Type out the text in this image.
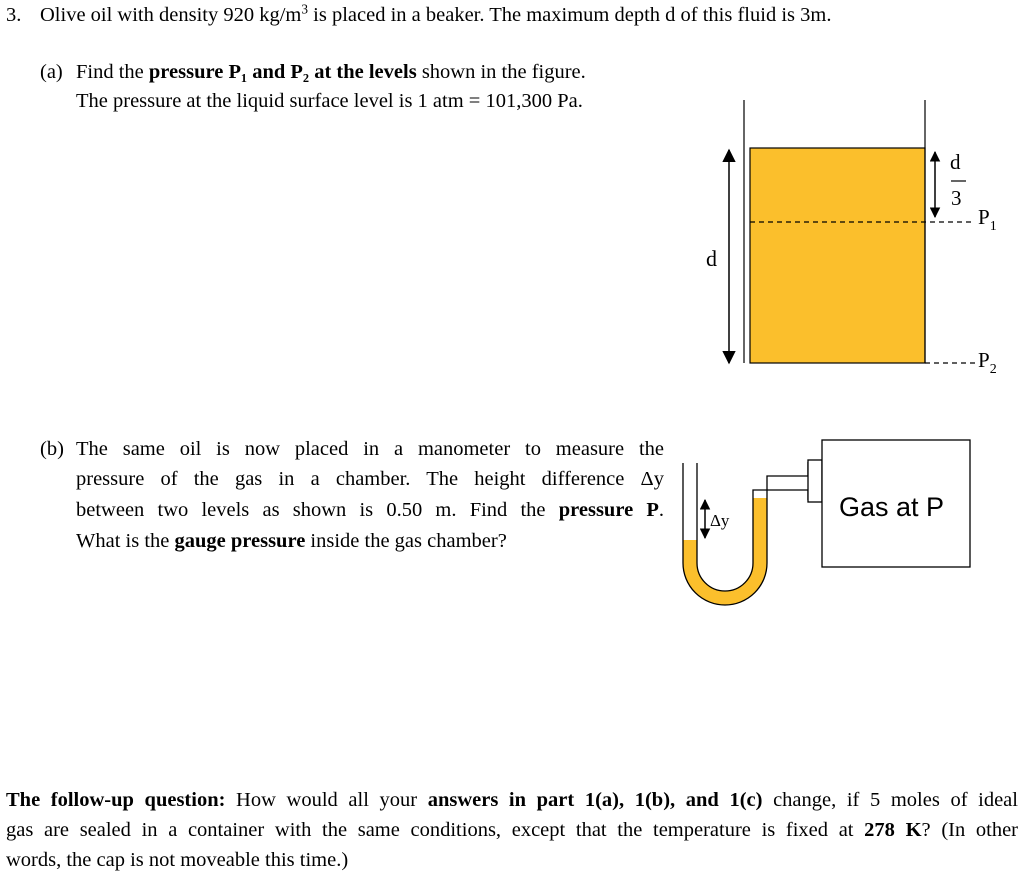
3. Olive oil with density 920 $kg/m^3$ is placed in a beaker. The maximum depth d of this fluid is 3m.
(a) Find the pressure P₁ and P₂ at the levels shown in the figure.
The pressure at the liquid surface level is 1 atm = 101,300 Pa.
d
d
3
$P_1$
$P_2$
(b) The same oil is now placed in a manometer to measure the
pressure of the gas in a chamber. The height difference Δy
between two levels as shown is 0.50 m. Find the pressure P.
What is the gauge pressure inside the gas chamber?
Gas at P
Δy
The follow-up question: How would all your answers in part 1(a), 1(b), and 1(c) change, if 5 moles of ideal
gas are sealed in a container with the same conditions, except that the temperature is fixed at 278 K? (In other
words, the cap is not moveable this time.)
